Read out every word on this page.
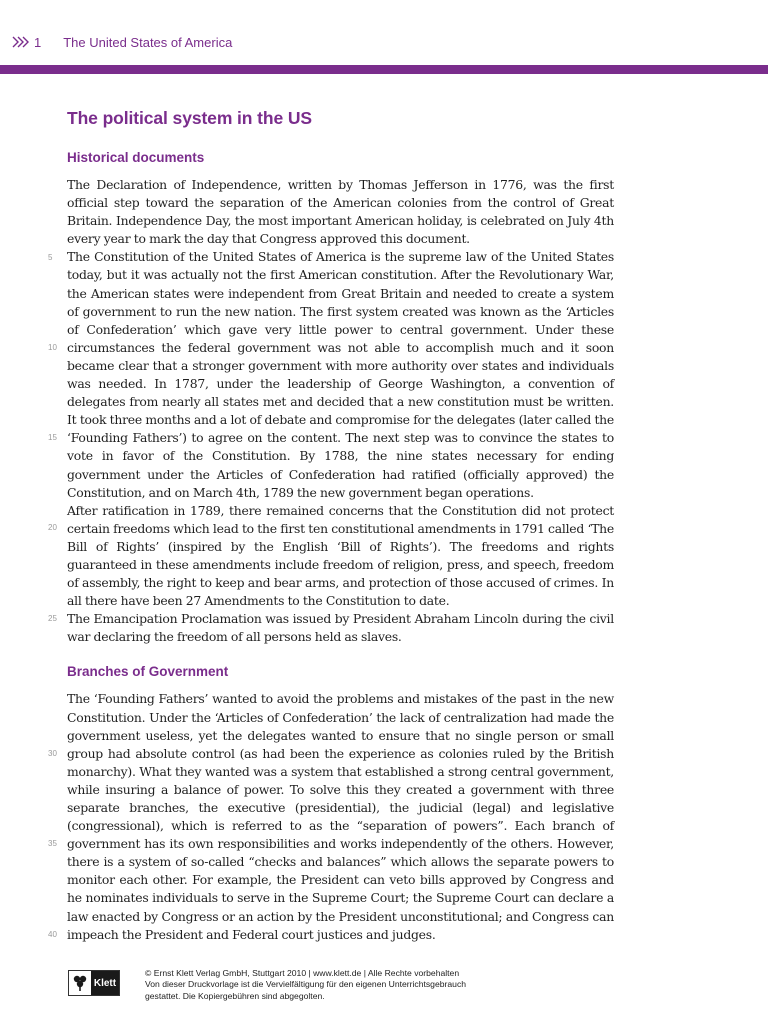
1 The United States of America
The political system in the US
Historical documents

The Declaration of Independence, written by Thomas Jefferson in 1776, was the first official step toward the separation of the American colonies from the control of Great Britain. Independence Day, the most important American holiday, is celebrated on July 4th every year to mark the day that Congress approved this document.

The Constitution of the United States of America is the supreme law of the United States today, but it was actually not the first American constitution. After the Revolutionary War, the American states were independent from Great Britain and needed to create a system of government to run the new nation. The first system created was known as the ‘Articles of Confederation’ which gave very little power to central government. Under these circumstances the federal government was not able to accomplish much and it soon became clear that a stronger government with more authority over states and individuals was needed. In 1787, under the leadership of George Washington, a convention of delegates from nearly all states met and decided that a new constitution must be written. It took three months and a lot of debate and compromise for the delegates (later called the ‘Founding Fathers’) to agree on the content. The next step was to convince the states to vote in favor of the Constitution. By 1788, the nine states necessary for ending government under the Articles of Confederation had ratified (officially approved) the Constitution, and on March 4th, 1789 the new government began operations.

After ratification in 1789, there remained concerns that the Constitution did not protect certain freedoms which lead to the first ten constitutional amendments in 1791 called ‘The Bill of Rights’ (inspired by the English ‘Bill of Rights’). The freedoms and rights guaranteed in these amendments include freedom of religion, press, and speech, freedom of assembly, the right to keep and bear arms, and protection of those accused of crimes. In all there have been 27 Amendments to the Constitution to date.

The Emancipation Proclamation was issued by President Abraham Lincoln during the civil war declaring the freedom of all persons held as slaves.

Branches of Government

The ‘Founding Fathers’ wanted to avoid the problems and mistakes of the past in the new Constitution. Under the ‘Articles of Confederation’ the lack of centralization had made the government useless, yet the delegates wanted to ensure that no single person or small group had absolute control (as had been the experience as colonies ruled by the British monarchy). What they wanted was a system that established a strong central government, while insuring a balance of power. To solve this they created a government with three separate branches, the executive (presidential), the judicial (legal) and legislative (congressional), which is referred to as the “separation of powers”. Each branch of government has its own responsibilities and works independently of the others. However, there is a system of so-called “checks and balances” which allows the separate powers to monitor each other. For example, the President can veto bills approved by Congress and he nominates individuals to serve in the Supreme Court; the Supreme Court can declare a law enacted by Congress or an action by the President unconstitutional; and Congress can impeach the President and Federal court justices and judges.

5
10
15
20
25
30
35
40
Klett
© Ernst Klett Verlag GmbH, Stuttgart 2010 | www.klett.de | Alle Rechte vorbehalten
Von dieser Druckvorlage ist die Vervielfältigung für den eigenen Unterrichtsgebrauch
gestattet. Die Kopiergebühren sind abgegolten.
